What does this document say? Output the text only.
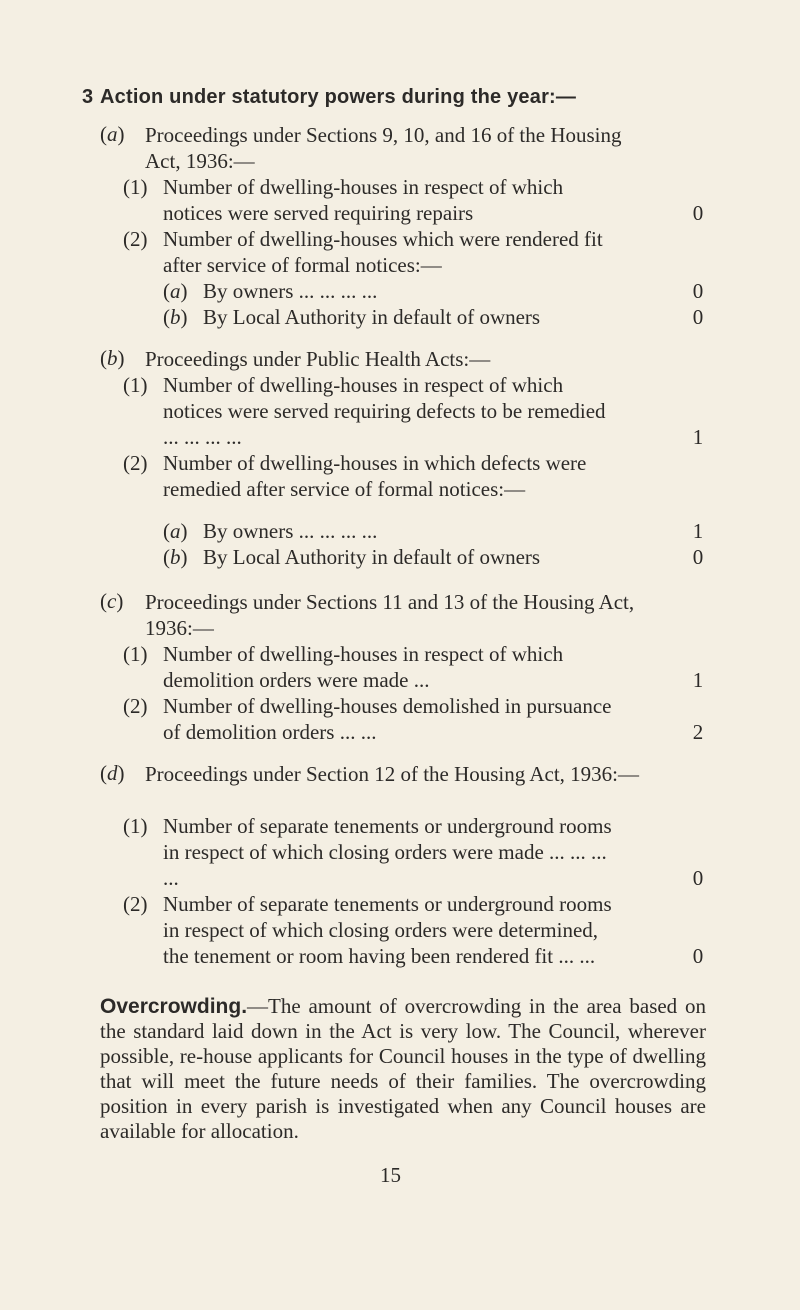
3 Action under statutory powers during the year:—
(a) Proceedings under Sections 9, 10, and 16 of the Housing Act, 1936:—
(1) Number of dwelling-houses in respect of which notices were served requiring repairs	0
(2) Number of dwelling-houses which were rendered fit after service of formal notices:—
(a) By owners ... ... ... ...	0
(b) By Local Authority in default of owners	0
(b) Proceedings under Public Health Acts:—
(1) Number of dwelling-houses in respect of which notices were served requiring defects to be remedied ... ... ... ...	1
(2) Number of dwelling-houses in which defects were remedied after service of formal notices:—
(a) By owners ... ... ... ...	1
(b) By Local Authority in default of owners	0
(c) Proceedings under Sections 11 and 13 of the Housing Act, 1936:—
(1) Number of dwelling-houses in respect of which demolition orders were made ...	1
(2) Number of dwelling-houses demolished in pursuance of demolition orders ... ...	2
(d) Proceedings under Section 12 of the Housing Act, 1936:—
(1) Number of separate tenements or underground rooms in respect of which closing orders were made ... ... ... ...	0
(2) Number of separate tenements or underground rooms in respect of which closing orders were determined, the tenement or room having been rendered fit ... ...	0
Overcrowding.—The amount of overcrowding in the area based on the standard laid down in the Act is very low. The Council, wherever possible, re-house applicants for Council houses in the type of dwelling that will meet the future needs of their families. The overcrowding position in every parish is investigated when any Council houses are available for allocation.
15
